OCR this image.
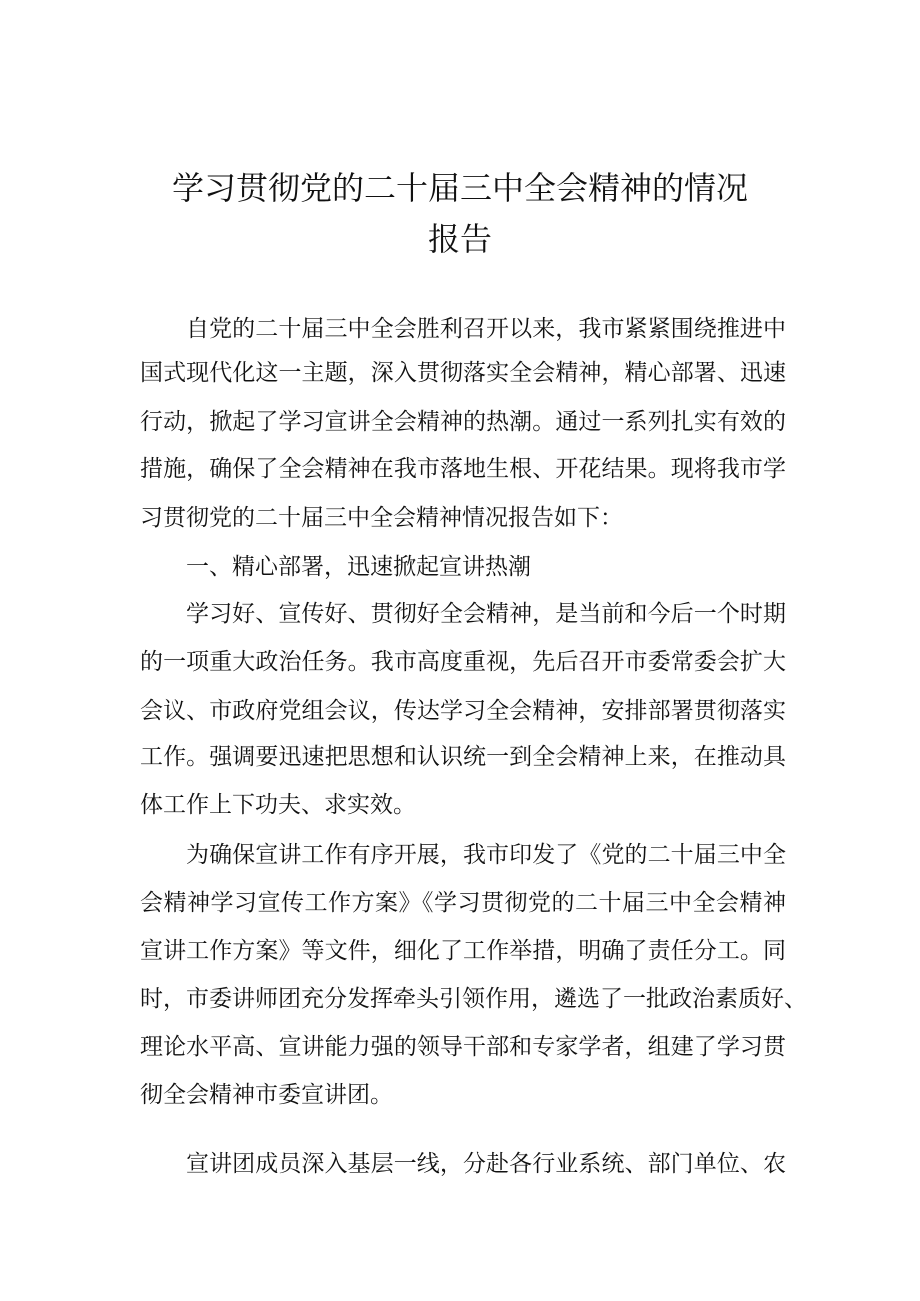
学习贯彻党的二十届三中全会精神的情况
报告
自党的二十届三中全会胜利召开以来，我市紧紧围绕推进中
国式现代化这一主题，深入贯彻落实全会精神，精心部署、迅速
行动，掀起了学习宣讲全会精神的热潮。通过一系列扎实有效的
措施，确保了全会精神在我市落地生根、开花结果。现将我市学
习贯彻党的二十届三中全会精神情况报告如下：
一、精心部署，迅速掀起宣讲热潮
学习好、宣传好、贯彻好全会精神，是当前和今后一个时期
的一项重大政治任务。我市高度重视，先后召开市委常委会扩大
会议、市政府党组会议，传达学习全会精神，安排部署贯彻落实
工作。强调要迅速把思想和认识统一到全会精神上来，在推动具
体工作上下功夫、求实效。
为确保宣讲工作有序开展，我市印发了《党的二十届三中全
会精神学习宣传工作方案》《学习贯彻党的二十届三中全会精神
宣讲工作方案》等文件，细化了工作举措，明确了责任分工。同
时，市委讲师团充分发挥牵头引领作用，遴选了一批政治素质好、
理论水平高、宣讲能力强的领导干部和专家学者，组建了学习贯
彻全会精神市委宣讲团。
宣讲团成员深入基层一线，分赴各行业系统、部门单位、农
